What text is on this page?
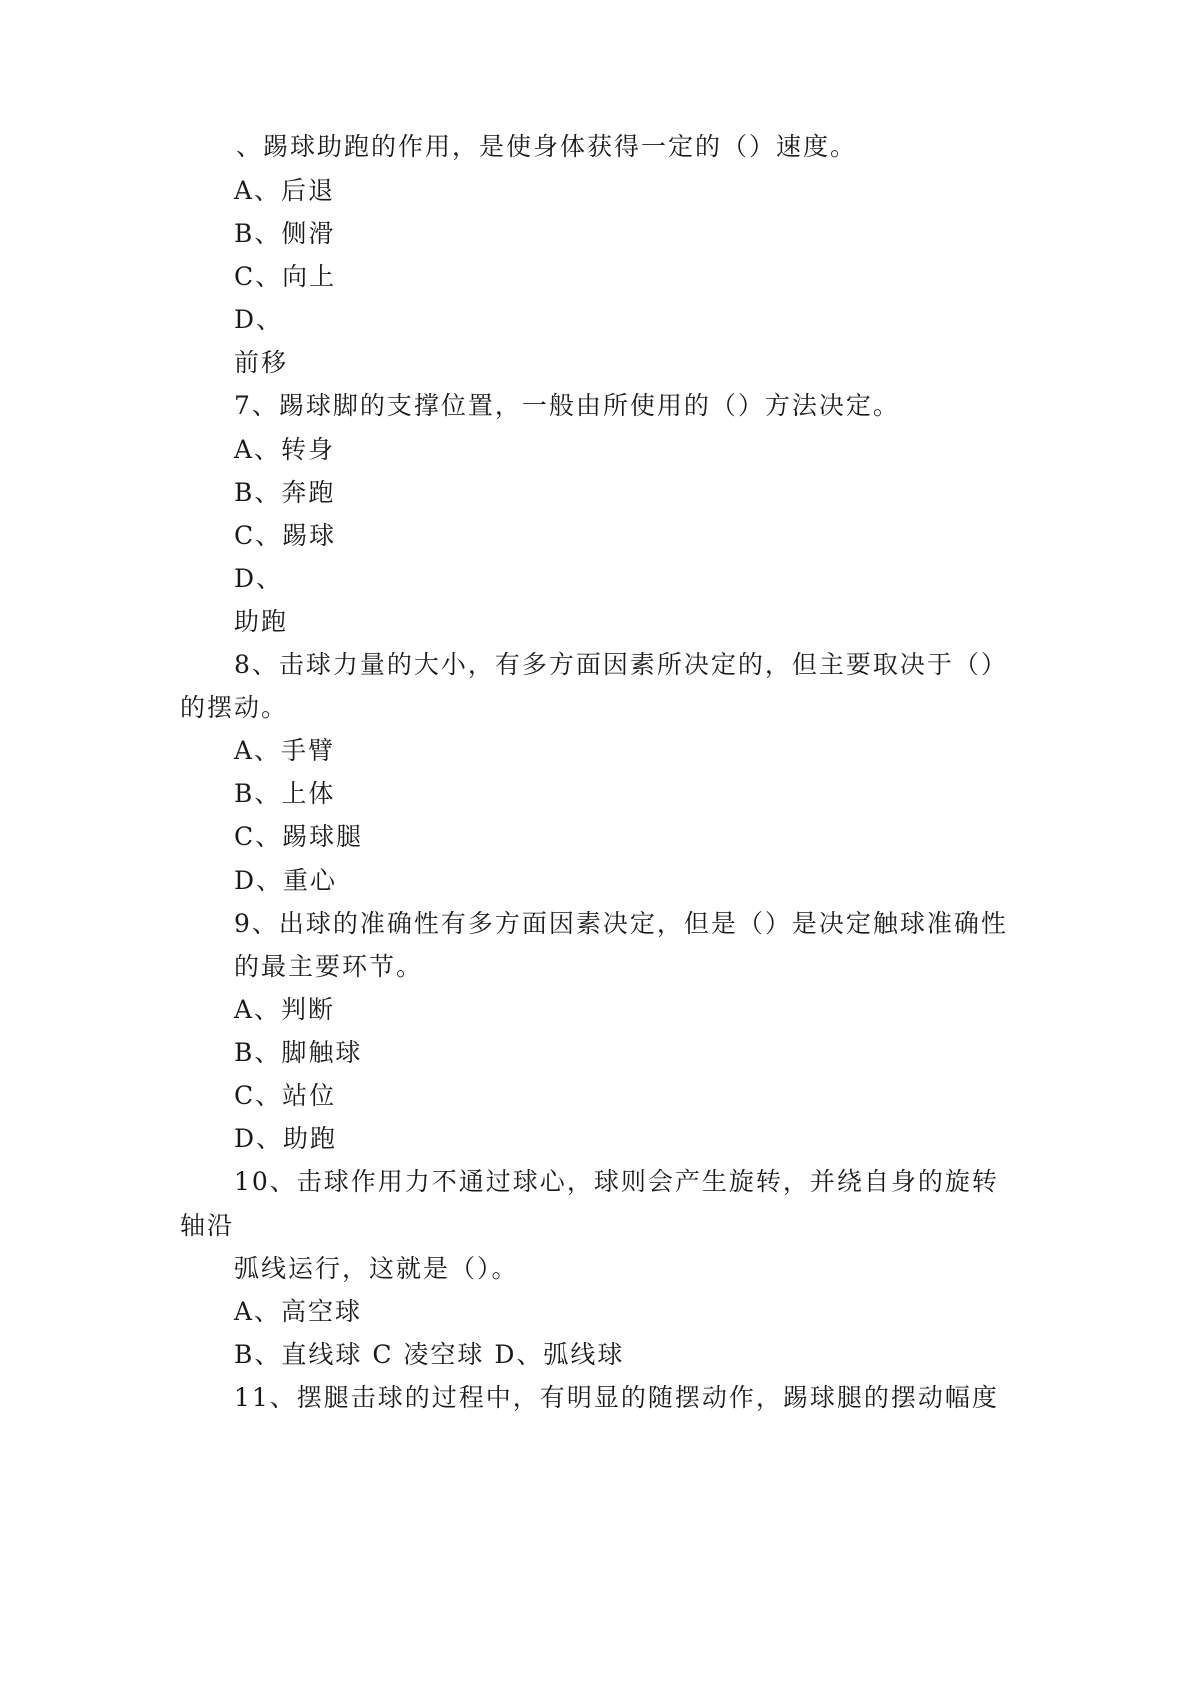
、踢球助跑的作用，是使身体获得一定的（）速度。
A、后退
B、侧滑
C、向上
D、
前移
7、踢球脚的支撑位置，一般由所使用的（）方法决定。
A、转身
B、奔跑
C、踢球
D、
助跑
8、击球力量的大小，有多方面因素所决定的，但主要取决于（）
的摆动。
A、手臂
B、上体
C、踢球腿
D、重心
9、出球的准确性有多方面因素决定，但是（）是决定触球准确性
的最主要环节。
A、判断
B、脚触球
C、站位
D、助跑
10、击球作用力不通过球心，球则会产生旋转，并绕自身的旋转
轴沿
弧线运行，这就是（）。
A、高空球
B、直线球 C 凌空球 D、弧线球
11、摆腿击球的过程中，有明显的随摆动作，踢球腿的摆动幅度
